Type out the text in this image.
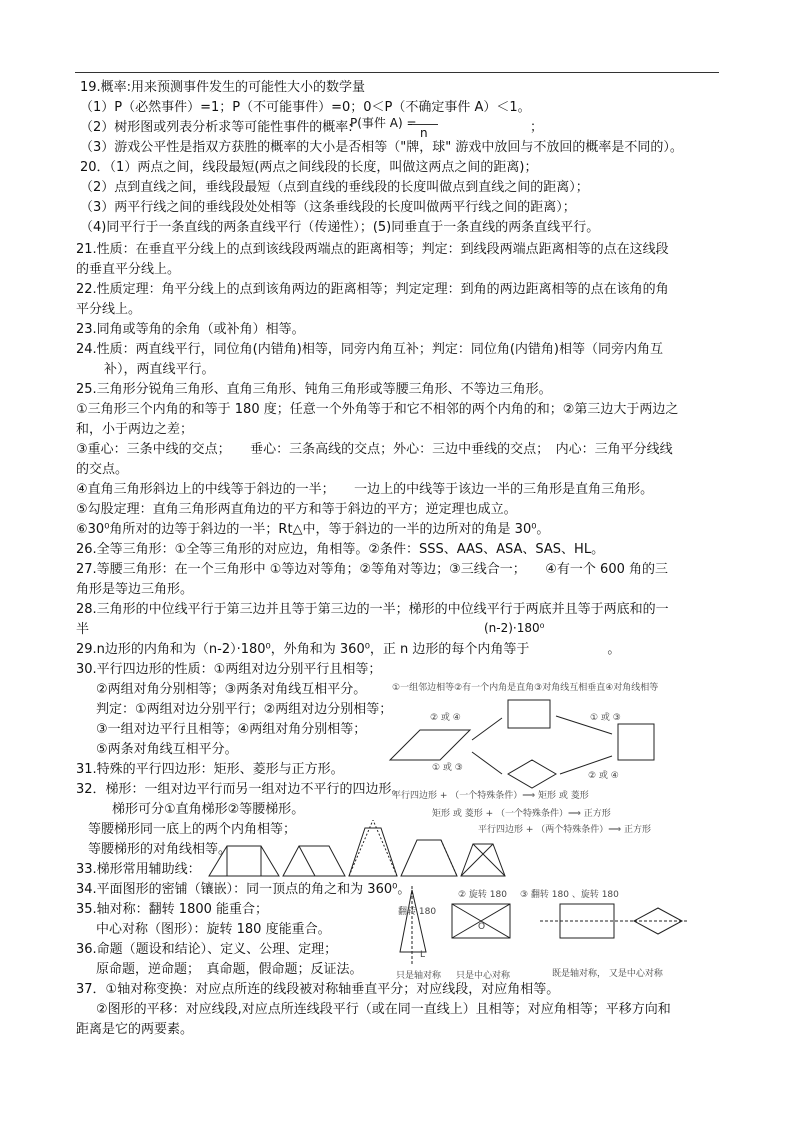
19.概率:用来预测事件发生的可能性大小的数学量
（1）P（必然事件）=1；P（不可能事件）=0；0＜P（不确定事件 A）＜1。
（2）树形图或列表分析求等可能性事件的概率:
P(事件 A) =
n	；
（3）游戏公平性是指双方获胜的概率的大小是否相等（"牌，球" 游戏中放回与不放回的概率是不同的）。
20．（1）两点之间，线段最短(两点之间线段的长度，叫做这两点之间的距离)；
（2）点到直线之间，垂线段最短（点到直线的垂线段的长度叫做点到直线之间的距离）；
（3）两平行线之间的垂线段处处相等（这条垂线段的长度叫做两平行线之间的距离）；
（4)同平行于一条直线的两条直线平行（传递性）；(5)同垂直于一条直线的两条直线平行。
21.性质：在垂直平分线上的点到该线段两端点的距离相等；判定：到线段两端点距离相等的点在这线段
的垂直平分线上。
22.性质定理：角平分线上的点到该角两边的距离相等；判定定理：到角的两边距离相等的点在该角的角
平分线上。
23.同角或等角的余角（或补角）相等。
24.性质：两直线平行，同位角(内错角)相等，同旁内角互补；判定：同位角(内错角)相等（同旁内角互
补），两直线平行。
25.三角形分锐角三角形、直角三角形、钝角三角形或等腰三角形、不等边三角形。
①三角形三个内角的和等于 180 度；任意一个外角等于和它不相邻的两个内角的和；②第三边大于两边之
和，小于两边之差；
③重心：三条中线的交点；　　垂心：三条高线的交点；外心：三边中垂线的交点；　内心：三角平分线线
的交点。
④直角三角形斜边上的中线等于斜边的一半；　　一边上的中线等于该边一半的三角形是直角三角形。
⑤勾股定理：直角三角形两直角边的平方和等于斜边的平方；逆定理也成立。
⑥30⁰角所对的边等于斜边的一半；Rt△中，等于斜边的一半的边所对的角是 30⁰。
26.全等三角形：①全等三角形的对应边，角相等。②条件：SSS、AAS、ASA、SAS、HL。
27.等腰三角形：在一个三角形中 ①等边对等角；②等角对等边；③三线合一；　　④有一个 600 角的三
角形是等边三角形。
28.三角形的中位线平行于第三边并且等于第三边的一半；梯形的中位线平行于两底并且等于两底和的一
半	(n-2)·180⁰
29.n边形的内角和为（n-2）·180⁰，外角和为 360⁰，正 n 边形的每个内角等于　　　　　　。
30.平行四边形的性质：①两组对边分别平行且相等；
②两组对角分别相等；③两条对角线互相平分。
判定：①两组对边分别平行；②两组对边分别相等；
③一组对边平行且相等；④两组对角分别相等；
⑤两条对角线互相平分。
31.特殊的平行四边形：矩形、菱形与正方形。
32．梯形：一组对边平行而另一组对边不平行的四边形。
梯形可分①直角梯形②等腰梯形。
等腰梯形同一底上的两个内角相等；
等腰梯形的对角线相等。
33.梯形常用辅助线：
34.平面图形的密铺（镶嵌）：同一顶点的角之和为 360⁰。
35.轴对称：翻转 1800 能重合；
中心对称（图形）：旋转 180 度能重合。
36.命题（题设和结论）、定义、公理、定理；
原命题，逆命题；　真命题，假命题；反证法。
37．①轴对称变换：对应点所连的线段被对称轴垂直平分；对应线段，对应角相等。
②图形的平移：对应线段,对应点所连线段平行（或在同一直线上）且相等；对应角相等；平移方向和
距离是它的两要素。
①一组邻边相等②有一个内角是直角③对角线互相垂直④对角线相等
② 或 ④	① 或 ③
① 或 ③
② 或 ④
平行四边形 + （一个特殊条件）⟹ 矩形 或 菱形
矩形 或 菱形 + （一个特殊条件）⟹ 正方形
平行四边形 + （两个特殊条件）⟹ 正方形
翻转 180
L
只是轴对称
② 旋转 180
O
只是中心对称
③ 翻转 180 、旋转 180
既是轴对称， 又是中心对称
